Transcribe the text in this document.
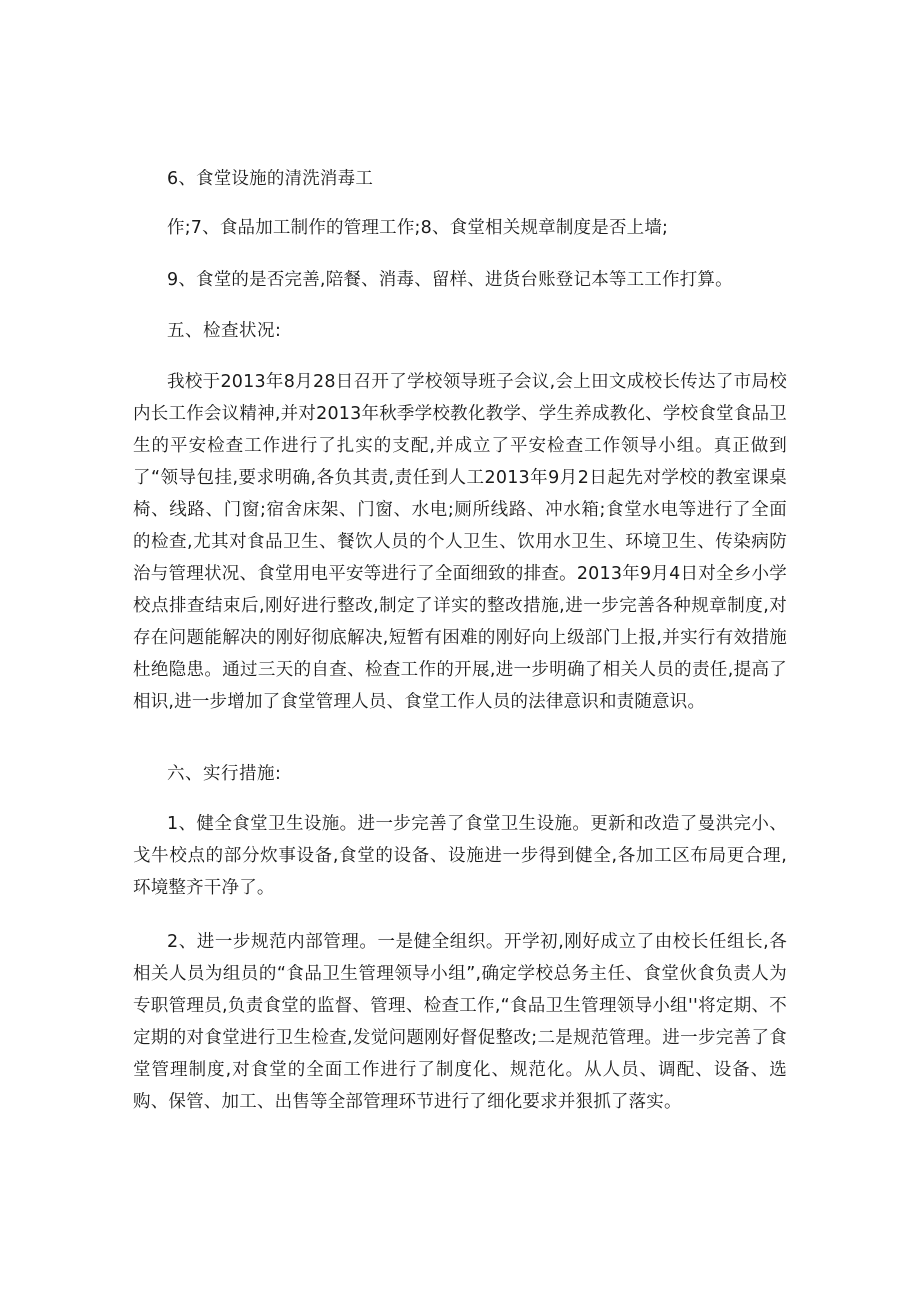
6、食堂设施的清洗消毒工
作;7、食品加工制作的管理工作;8、食堂相关规章制度是否上墙;
9、食堂的是否完善,陪餐、消毒、留样、进货台账登记本等工工作打算。
五、检查状况:
我校于2013年8月28日召开了学校领导班子会议,会上田文成校长传达了市局校内长工作会议精神,并对2013年秋季学校教化教学、学生养成教化、学校食堂食品卫生的平安检查工作进行了扎实的支配,并成立了平安检查工作领导小组。真正做到了“领导包挂,要求明确,各负其责,责任到人工2013年9月2日起先对学校的教室课桌椅、线路、门窗;宿舍床架、门窗、水电;厕所线路、冲水箱;食堂水电等进行了全面的检查,尤其对食品卫生、餐饮人员的个人卫生、饮用水卫生、环境卫生、传染病防治与管理状况、食堂用电平安等进行了全面细致的排查。2013年9月4日对全乡小学校点排查结束后,刚好进行整改,制定了详实的整改措施,进一步完善各种规章制度,对存在问题能解决的刚好彻底解决,短暂有困难的刚好向上级部门上报,并实行有效措施杜绝隐患。通过三天的自查、检查工作的开展,进一步明确了相关人员的责任,提高了相识,进一步增加了食堂管理人员、食堂工作人员的法律意识和责随意识。
六、实行措施:
1、健全食堂卫生设施。进一步完善了食堂卫生设施。更新和改造了曼洪完小、戈牛校点的部分炊事设备,食堂的设备、设施进一步得到健全,各加工区布局更合理,环境整齐干净了。
2、进一步规范内部管理。一是健全组织。开学初,刚好成立了由校长任组长,各相关人员为组员的“食品卫生管理领导小组”,确定学校总务主任、食堂伙食负责人为专职管理员,负责食堂的监督、管理、检查工作,“食品卫生管理领导小组''将定期、不定期的对食堂进行卫生检查,发觉问题刚好督促整改;二是规范管理。进一步完善了食堂管理制度,对食堂的全面工作进行了制度化、规范化。从人员、调配、设备、选购、保管、加工、出售等全部管理环节进行了细化要求并狠抓了落实。
